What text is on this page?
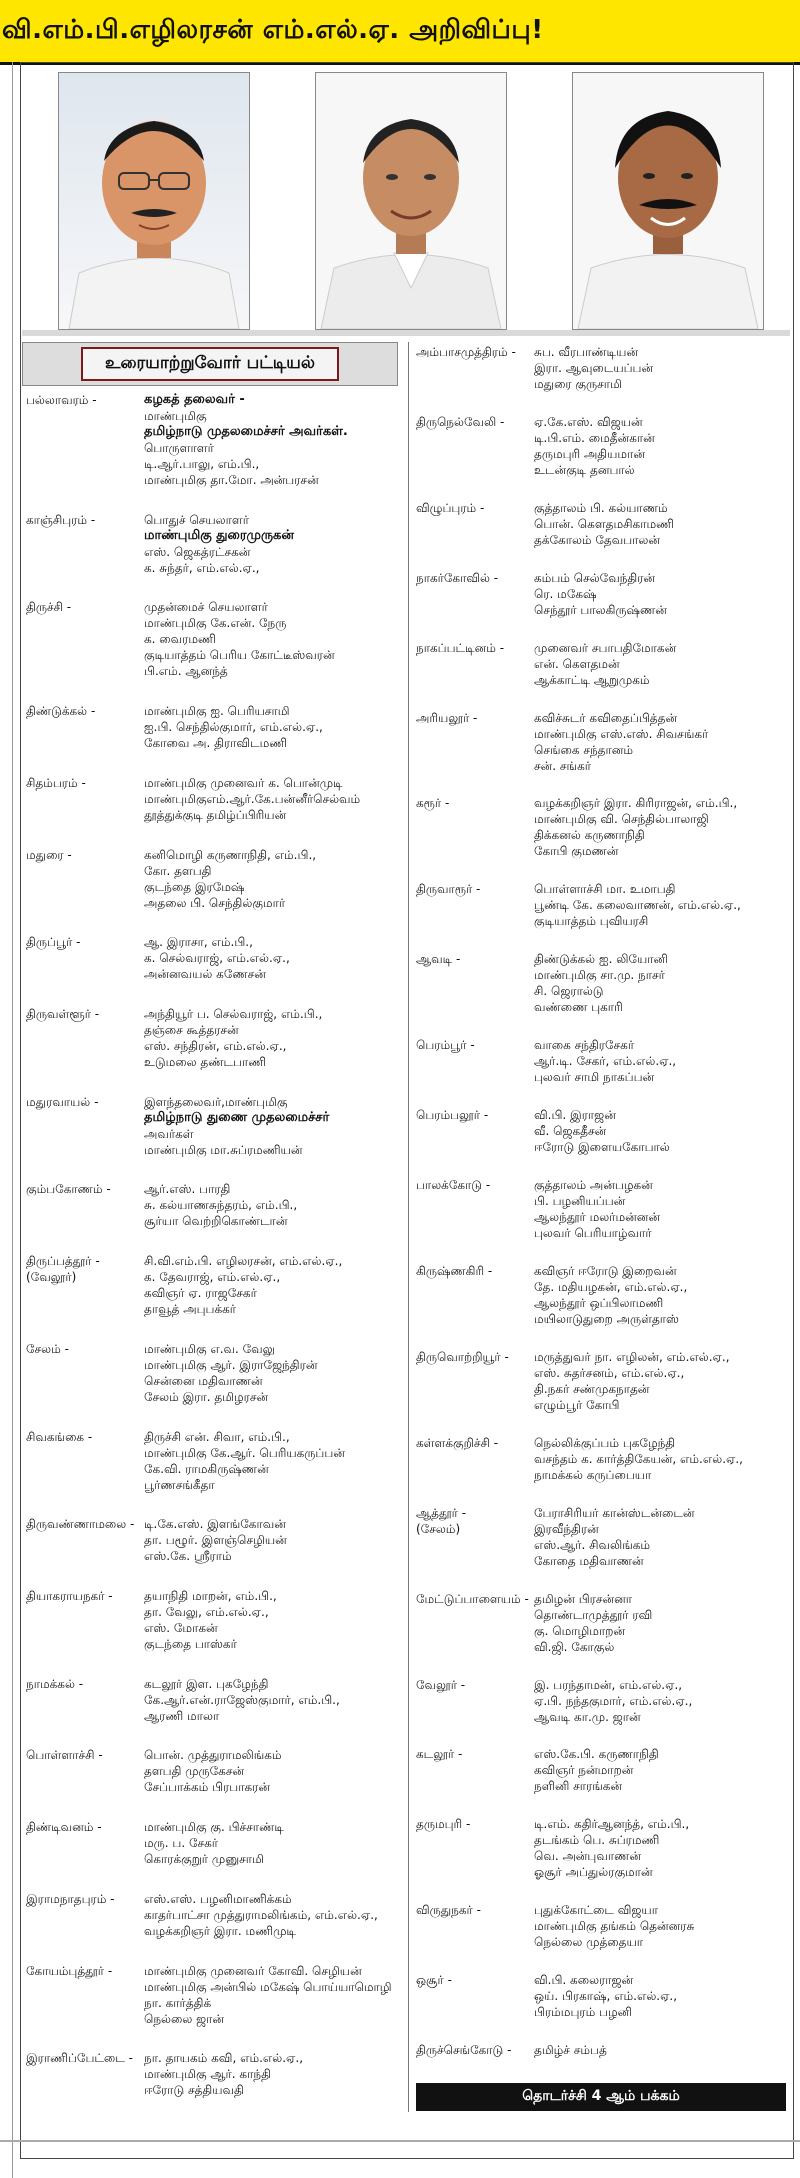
வி.எம்.பி.எழிலரசன் எம்.எல்.ஏ. அறிவிப்பு!
உரையாற்றுவோர் பட்டியல்
பல்லாவரம் -	கழகத் தலைவர் -
மாண்புமிகு
தமிழ்நாடு முதலமைச்சர் அவர்கள்.
பொருளாளர்
டி.ஆர்.பாலு, எம்.பி.,
மாண்புமிகு தா.மோ. அன்பரசன்
காஞ்சிபுரம் -	பொதுச் செயலாளர்
மாண்புமிகு துரைமுருகன்
எஸ். ஜெகத்ரட்சகன்
க. சுந்தர், எம்.எல்.ஏ.,
திருச்சி -	முதன்மைச் செயலாளர்
மாண்புமிகு கே.என். நேரு
க. வைரமணி
குடியாத்தம் பெரிய கோட்டீஸ்வரன்
பி.எம். ஆனந்த்
திண்டுக்கல் -	மாண்புமிகு ஐ. பெரியசாமி
ஐ.பி. செந்தில்குமார், எம்.எல்.ஏ.,
கோவை அ. திராவிடமணி
சிதம்பரம் -	மாண்புமிகு முனைவர் க. பொன்முடி
மாண்புமிகுஎம்.ஆர்.கே.பன்னீர்செல்வம்
தூத்துக்குடி தமிழ்ப்பிரியன்
மதுரை -	கனிமொழி கருணாநிதி, எம்.பி.,
கோ. தளபதி
குடந்தை இரமேஷ்
அதலை பி. செந்தில்குமார்
திருப்பூர் -	ஆ. இராசா, எம்.பி.,
க. செல்வராஜ், எம்.எல்.ஏ.,
அன்னவயல் கணேசன்
திருவள்ளூர் -	அந்தியூர் ப. செல்வராஜ், எம்.பி.,
தஞ்சை கூத்தரசன்
எஸ். சந்திரன், எம்.எல்.ஏ.,
உடுமலை தண்டபாணி
மதுரவாயல் -	இளந்தலைவர்,மாண்புமிகு
தமிழ்நாடு துணை முதலமைச்சர்
அவர்கள்
மாண்புமிகு மா.சுப்ரமணியன்
கும்பகோணம் -	ஆர்.எஸ். பாரதி
சு. கல்யாணசுந்தரம், எம்.பி.,
சூர்யா வெற்றிகொண்டான்
திருப்பத்தூர் -
(வேலூர்)
சி.வி.எம்.பி. எழிலரசன், எம்.எல்.ஏ.,
க. தேவராஜ், எம்.எல்.ஏ.,
கவிஞர் ஏ. ராஜசேகர்
தாவூத் அபுபக்கர்
சேலம் -	மாண்புமிகு எ.வ. வேலு
மாண்புமிகு ஆர். இராஜேந்திரன்
சென்னை மதிவாணன்
சேலம் இரா. தமிழரசன்
சிவகங்கை -	திருச்சி என். சிவா, எம்.பி.,
மாண்புமிகு கே.ஆர். பெரியகருப்பன்
கே.வி. ராமகிருஷ்ணன்
பூர்ணசங்கீதா
திருவண்ணாமலை - டி.கே.எஸ். இளங்கோவன்
தா. பழூர். இளஞ்செழியன்
எஸ்.கே. ஸ்ரீராம்
தியாகராயநகர் -	தயாநிதி மாறன், எம்.பி.,
தா. வேலு, எம்.எல்.ஏ.,
எஸ். மோகன்
குடந்தை பாஸ்கர்
நாமக்கல் -	கடலூர் இள. புகழேந்தி
கே.ஆர்.என்.ராஜேஸ்குமார், எம்.பி.,
ஆரணி மாலா
பொள்ளாச்சி -	பொன். முத்துராமலிங்கம்
தளபதி முருகேசன்
சேப்பாக்கம் பிரபாகரன்
திண்டிவனம் -	மாண்புமிகு கு. பிச்சாண்டி
மரு. ப. சேகர்
கொரக்குறுர் முனுசாமி
இராமநாதபுரம் -	எஸ்.எஸ். பழனிமாணிக்கம்
காதர்பாட்சா முத்துராமலிங்கம், எம்.எல்.ஏ.,
வழக்கறிஞர் இரா. மணிமுடி
கோயம்புத்தூர் -	மாண்புமிகு முனைவர் கோவி. செழியன்
மாண்புமிகு அன்பில் மகேஷ் பொய்யாமொழி
நா. கார்த்திக்
நெல்லை ஜான்
இராணிப்பேட்டை - நா. தாயகம் கவி, எம்.எல்.ஏ.,
மாண்புமிகு ஆர். காந்தி
ஈரோடு சத்தியவதி
அம்பாசமுத்திரம் -	சுப. வீரபாண்டியன்
இரா. ஆவுடையப்பன்
மதுரை குருசாமி
திருநெல்வேலி -	ஏ.கே.எஸ். விஜயன்
டி.பி.எம். மைதீன்கான்
தருமபுரி அதியமான்
உடன்குடி தனபால்
விழுப்புரம் -	குத்தாலம் பி. கல்யாணம்
பொன். கௌதமசிகாமணி
தக்கோலம் தேவபாலன்
நாகர்கோவில் -	கம்பம் செல்வேந்திரன்
ரெ. மகேஷ்
செந்தூர் பாலகிருஷ்ணன்
நாகப்பட்டினம் -	முனைவர் சபாபதிமோகன்
என். கௌதமன்
ஆக்காட்டி ஆறுமுகம்
அரியலூர் -	கவிச்சுடர் கவிதைப்பித்தன்
மாண்புமிகு எஸ்.எஸ். சிவசங்கர்
செங்கை சந்தானம்
சன். சங்கர்
கரூர் -	வழக்கறிஞர் இரா. கிரிராஜன், எம்.பி.,
மாண்புமிகு வி. செந்தில்பாலாஜி
திக்கனல் கருணாநிதி
கோபி குமணன்
திருவாரூர் -	பொள்ளாச்சி மா. உமாபதி
பூண்டி கே. கலைவாணன், எம்.எல்.ஏ.,
குடியாத்தம் புவியரசி
ஆவடி -	திண்டுக்கல் ஐ. லியோனி
மாண்புமிகு சா.மு. நாசர்
சி. ஜெரால்டு
வண்ணை புகாரி
பெரம்பூர் -	வாகை சந்திரசேகர்
ஆர்.டி. சேகர், எம்.எல்.ஏ.,
புலவர் சாமி நாகப்பன்
பெரம்பலூர் -	வி.பி. இராஜன்
வீ. ஜெகதீசன்
ஈரோடு இளையகோபால்
பாலக்கோடு -	குத்தாலம் அன்பழகன்
பி. பழனியப்பன்
ஆலந்தூர் மலர்மன்னன்
புலவர் பெரியாழ்வார்
கிருஷ்ணகிரி -	கவிஞர் ஈரோடு இறைவன்
தே. மதியழகன், எம்.எல்.ஏ.,
ஆலந்தூர் ஒப்பிலாமணி
மயிலாடுதுறை அருள்தாஸ்
திருவொற்றியூர் -	மருத்துவர் நா. எழிலன், எம்.எல்.ஏ.,
எஸ். சுதர்சனம், எம்.எல்.ஏ.,
தி.நகர் சண்முகநாதன்
எழும்பூர் கோபி
கள்ளக்குறிச்சி -	நெல்லிக்குப்பம் புகழேந்தி
வசந்தம் க. கார்த்திகேயன், எம்.எல்.ஏ.,
நாமக்கல் கருப்பையா
ஆத்தூர் -
(சேலம்)
பேராசிரியர் கான்ஸ்டன்டைன்
இரவீந்திரன்
எஸ்.ஆர். சிவலிங்கம்
கோதை மதிவாணன்
மேட்டுப்பாளையம் - தமிழன் பிரசன்னா
தொண்டாமுத்தூர் ரவி
கு. மொழிமாறன்
வி.ஜி. கோகுல்
வேலூர் -	இ. பரந்தாமன், எம்.எல்.ஏ.,
ஏ.பி. நந்தகுமார், எம்.எல்.ஏ.,
ஆவடி கா.மு. ஜான்
கடலூர் -	எஸ்.கே.பி. கருணாநிதி
கவிஞர் நன்மாறன்
நளினி சாரங்கன்
தருமபுரி -	டி.எம். கதிர்ஆனந்த், எம்.பி.,
தடங்கம் பெ. சுப்ரமணி
வெ. அன்புவாணன்
ஓசூர் அப்துல்ரகுமான்
விருதுநகர் -	புதுக்கோட்டை விஜயா
மாண்புமிகு தங்கம் தென்னரசு
நெல்லை முத்தையா
ஒசூர் -	வி.பி. கலைராஜன்
ஒய். பிரகாஷ், எம்.எல்.ஏ.,
பிரம்மபுரம் பழனி
திருச்செங்கோடு -	தமிழ்ச் சம்பத்
தொடர்ச்சி 4 ஆம் பக்கம்
